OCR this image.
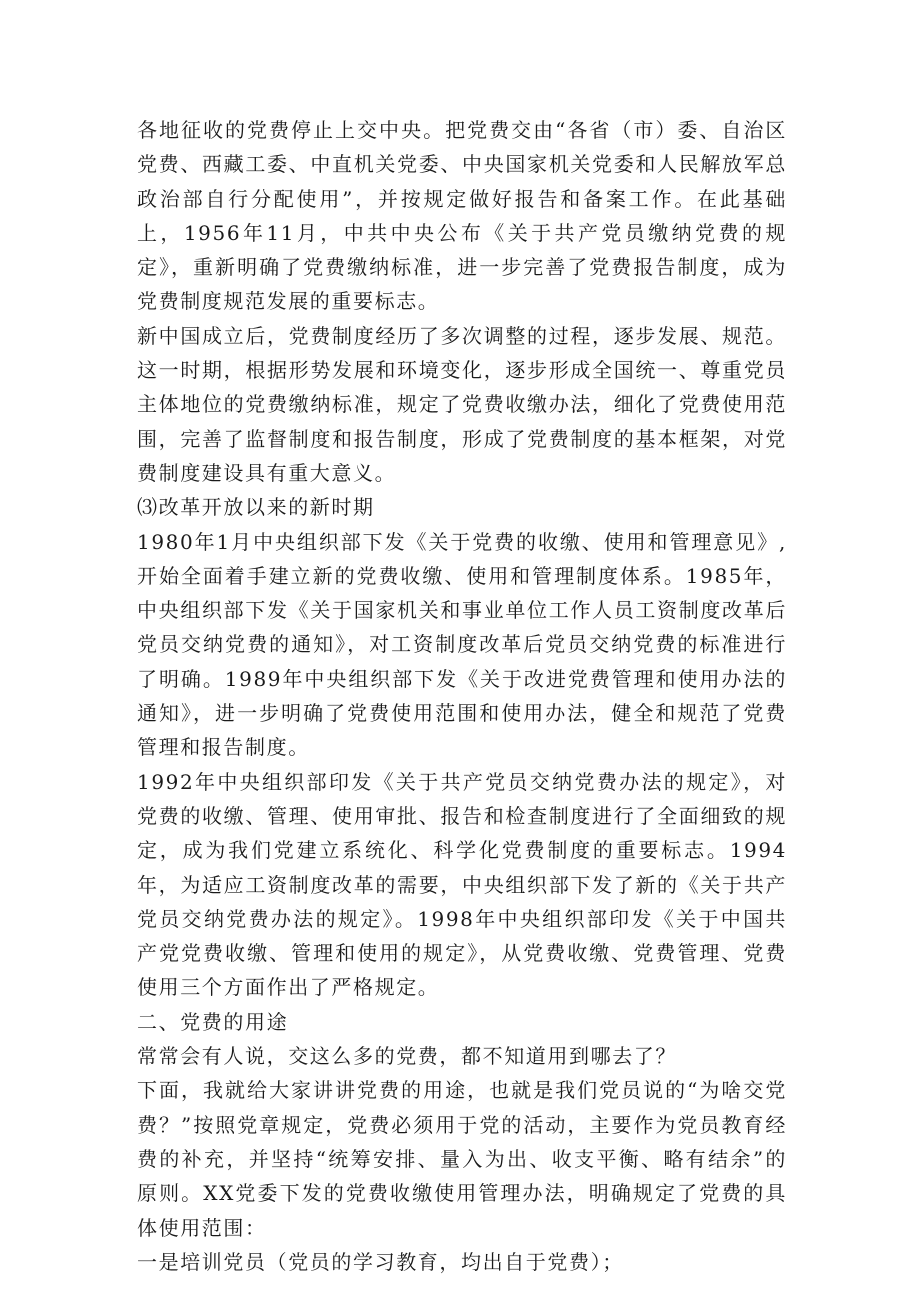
各地征收的党费停止上交中央。把党费交由“各省（市）委、自治区党费、西藏工委、中直机关党委、中央国家机关党委和人民解放军总政治部自行分配使用”，并按规定做好报告和备案工作。在此基础上，1956年11月，中共中央公布《关于共产党员缴纳党费的规定》，重新明确了党费缴纳标准，进一步完善了党费报告制度，成为党费制度规范发展的重要标志。

新中国成立后，党费制度经历了多次调整的过程，逐步发展、规范。这一时期，根据形势发展和环境变化，逐步形成全国统一、尊重党员主体地位的党费缴纳标准，规定了党费收缴办法，细化了党费使用范围，完善了监督制度和报告制度，形成了党费制度的基本框架，对党费制度建设具有重大意义。

⑶改革开放以来的新时期

1980年1月中央组织部下发《关于党费的收缴、使用和管理意见》,开始全面着手建立新的党费收缴、使用和管理制度体系。1985年，中央组织部下发《关于国家机关和事业单位工作人员工资制度改革后党员交纳党费的通知》，对工资制度改革后党员交纳党费的标准进行了明确。1989年中央组织部下发《关于改进党费管理和使用办法的通知》，进一步明确了党费使用范围和使用办法，健全和规范了党费管理和报告制度。

1992年中央组织部印发《关于共产党员交纳党费办法的规定》，对党费的收缴、管理、使用审批、报告和检查制度进行了全面细致的规定，成为我们党建立系统化、科学化党费制度的重要标志。1994年，为适应工资制度改革的需要，中央组织部下发了新的《关于共产党员交纳党费办法的规定》。1998年中央组织部印发《关于中国共产党党费收缴、管理和使用的规定》，从党费收缴、党费管理、党费使用三个方面作出了严格规定。

二、党费的用途

常常会有人说，交这么多的党费，都不知道用到哪去了？

下面，我就给大家讲讲党费的用途，也就是我们党员说的“为啥交党费？”按照党章规定，党费必须用于党的活动，主要作为党员教育经费的补充，并坚持“统筹安排、量入为出、收支平衡、略有结余”的原则。XX党委下发的党费收缴使用管理办法，明确规定了党费的具体使用范围：

一是培训党员（党员的学习教育，均出自于党费）；
